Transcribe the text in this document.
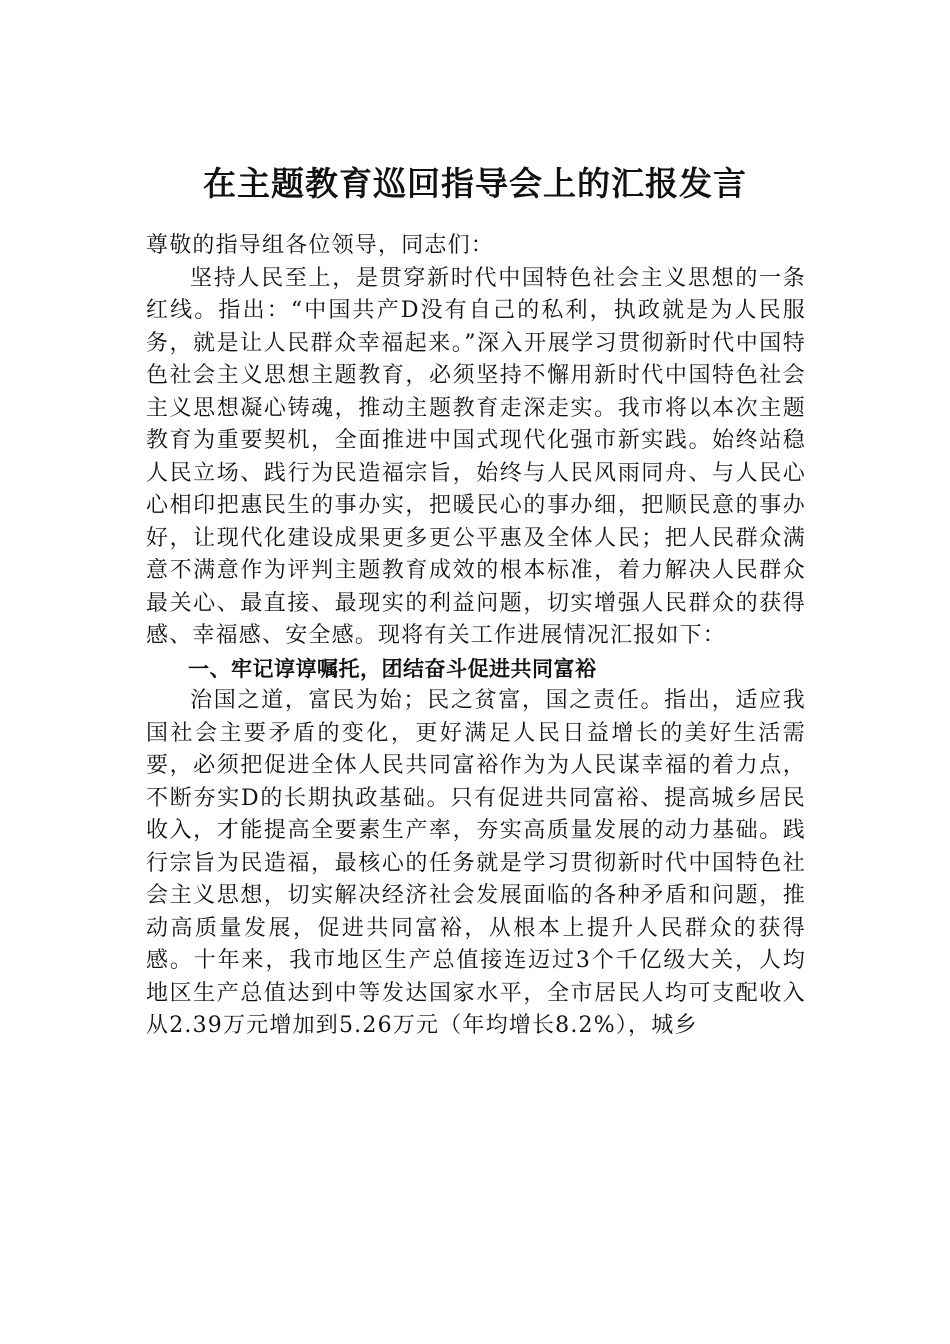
在主题教育巡回指导会上的汇报发言

尊敬的指导组各位领导，同志们：

坚持人民至上，是贯穿新时代中国特色社会主义思想的一条红线。指出：“中国共产D没有自己的私利，执政就是为人民服务，就是让人民群众幸福起来。”深入开展学习贯彻新时代中国特色社会主义思想主题教育，必须坚持不懈用新时代中国特色社会主义思想凝心铸魂，推动主题教育走深走实。我市将以本次主题教育为重要契机，全面推进中国式现代化强市新实践。始终站稳人民立场、践行为民造福宗旨，始终与人民风雨同舟、与人民心心相印把惠民生的事办实，把暖民心的事办细，把顺民意的事办好，让现代化建设成果更多更公平惠及全体人民；把人民群众满意不满意作为评判主题教育成效的根本标准，着力解决人民群众最关心、最直接、最现实的利益问题，切实增强人民群众的获得感、幸福感、安全感。现将有关工作进展情况汇报如下：

一、牢记谆谆嘱托，团结奋斗促进共同富裕

治国之道，富民为始；民之贫富，国之责任。指出，适应我国社会主要矛盾的变化，更好满足人民日益增长的美好生活需要，必须把促进全体人民共同富裕作为为人民谋幸福的着力点，不断夯实D的长期执政基础。只有促进共同富裕、提高城乡居民收入，才能提高全要素生产率，夯实高质量发展的动力基础。践行宗旨为民造福，最核心的任务就是学习贯彻新时代中国特色社会主义思想，切实解决经济社会发展面临的各种矛盾和问题，推动高质量发展，促进共同富裕，从根本上提升人民群众的获得感。十年来，我市地区生产总值接连迈过3个千亿级大关，人均地区生产总值达到中等发达国家水平，全市居民人均可支配收入从2.39万元增加到5.26万元（年均增长8.2%），城乡
